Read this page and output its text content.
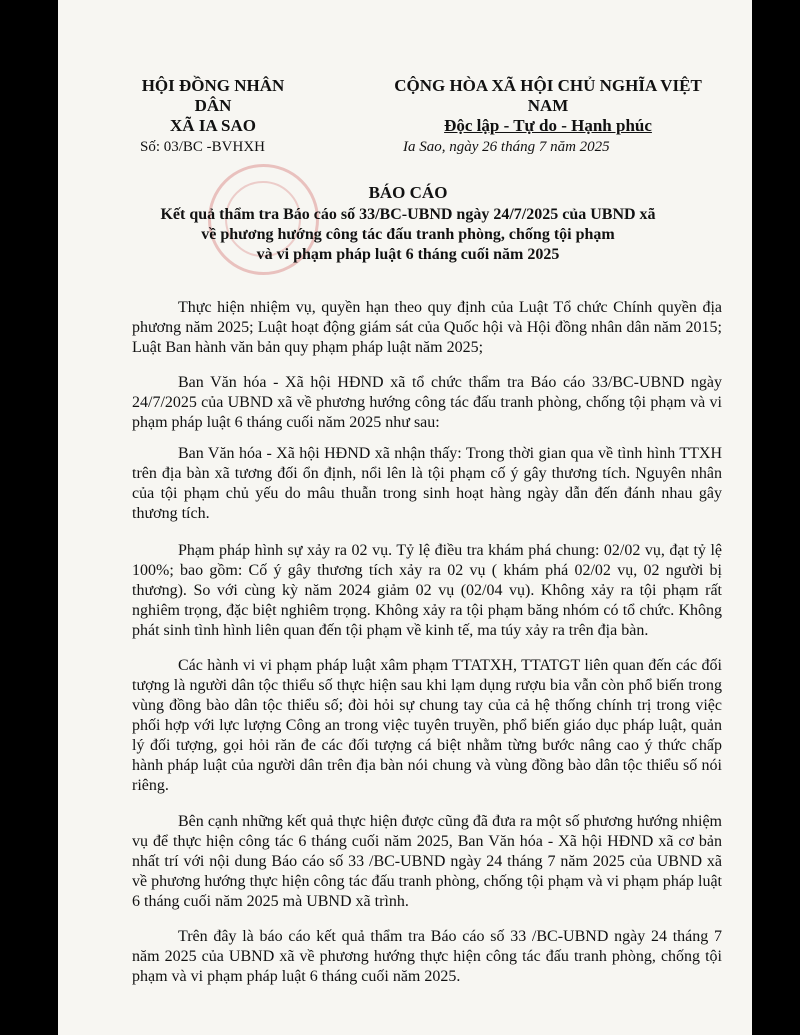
HỘI ĐỒNG NHÂN DÂN
XÃ IA SAO
CỘNG HÒA XÃ HỘI CHỦ NGHĨA VIỆT NAM
Độc lập - Tự do - Hạnh phúc
Số: 03/BC -BVHXH	Ia Sao, ngày 26 tháng 7 năm 2025
BÁO CÁO
Kết quả thẩm tra Báo cáo số 33/BC-UBND ngày 24/7/2025 của UBND xã
về phương hướng công tác đấu tranh phòng, chống tội phạm
và vi phạm pháp luật 6 tháng cuối năm 2025

Thực hiện nhiệm vụ, quyền hạn theo quy định của Luật Tổ chức Chính quyền địa phương năm 2025; Luật hoạt động giám sát của Quốc hội và Hội đồng nhân dân năm 2015; Luật Ban hành văn bản quy phạm pháp luật năm 2025;

Ban Văn hóa - Xã hội HĐND xã tổ chức thẩm tra Báo cáo 33/BC-UBND ngày 24/7/2025 của UBND xã về phương hướng công tác đấu tranh phòng, chống tội phạm và vi phạm pháp luật 6 tháng cuối năm 2025 như sau:

Ban Văn hóa - Xã hội HĐND xã nhận thấy: Trong thời gian qua về tình hình TTXH trên địa bàn xã tương đối ổn định, nổi lên là tội phạm cố ý gây thương tích. Nguyên nhân của tội phạm chủ yếu do mâu thuẫn trong sinh hoạt hàng ngày dẫn đến đánh nhau gây thương tích.

Phạm pháp hình sự xảy ra 02 vụ. Tỷ lệ điều tra khám phá chung: 02/02 vụ, đạt tỷ lệ 100%; bao gồm: Cố ý gây thương tích xảy ra 02 vụ ( khám phá 02/02 vụ, 02 người bị thương). So với cùng kỳ năm 2024 giảm 02 vụ (02/04 vụ). Không xảy ra tội phạm rất nghiêm trọng, đặc biệt nghiêm trọng. Không xảy ra tội phạm băng nhóm có tổ chức. Không phát sinh tình hình liên quan đến tội phạm về kinh tế, ma túy xảy ra trên địa bàn.

Các hành vi vi phạm pháp luật xâm phạm TTATXH, TTATGT liên quan đến các đối tượng là người dân tộc thiểu số thực hiện sau khi lạm dụng rượu bia vẫn còn phổ biến trong vùng đồng bào dân tộc thiểu số; đòi hỏi sự chung tay của cả hệ thống chính trị trong việc phối hợp với lực lượng Công an trong việc tuyên truyền, phổ biến giáo dục pháp luật, quản lý đối tượng, gọi hỏi răn đe các đối tượng cá biệt nhằm từng bước nâng cao ý thức chấp hành pháp luật của người dân trên địa bàn nói chung và vùng đồng bào dân tộc thiểu số nói riêng.

Bên cạnh những kết quả thực hiện được cũng đã đưa ra một số phương hướng nhiệm vụ để thực hiện công tác 6 tháng cuối năm 2025, Ban Văn hóa - Xã hội HĐND xã cơ bản nhất trí với nội dung Báo cáo số 33 /BC-UBND ngày 24 tháng 7 năm 2025 của UBND xã về phương hướng thực hiện công tác đấu tranh phòng, chống tội phạm và vi phạm pháp luật 6 tháng cuối năm 2025 mà UBND xã trình.

Trên đây là báo cáo kết quả thẩm tra Báo cáo số 33 /BC-UBND ngày 24 tháng 7 năm 2025 của UBND xã về phương hướng thực hiện công tác đấu tranh phòng, chống tội phạm và vi phạm pháp luật 6 tháng cuối năm 2025.
